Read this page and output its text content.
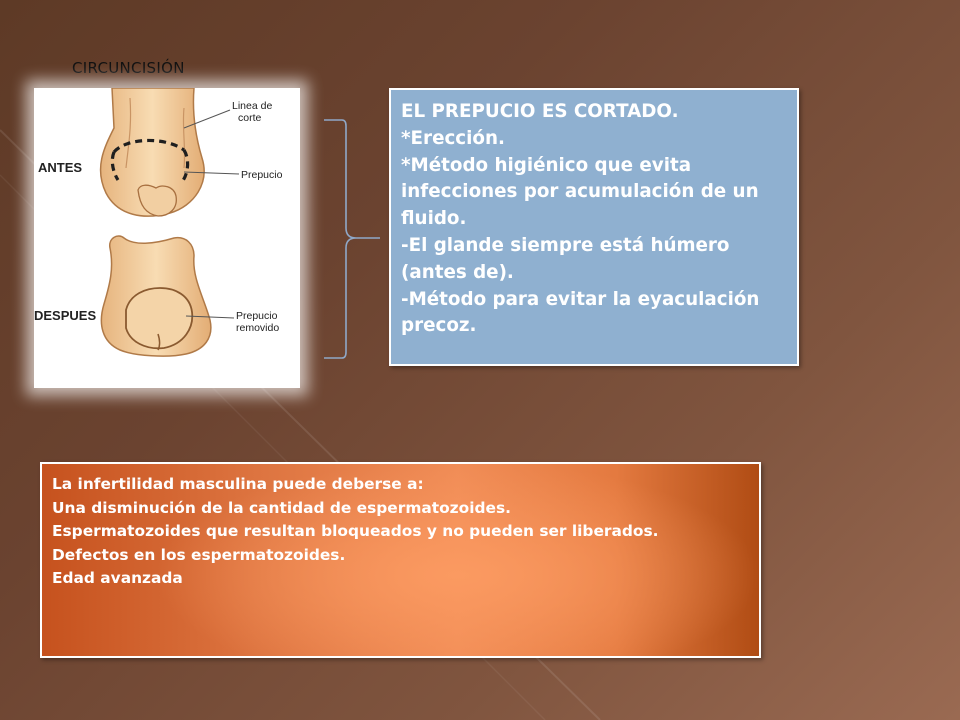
CIRCUNCISIÓN
ANTES
DESPUES
Linea de
corte
Prepucio
Prepucio
removido

EL PREPUCIO ES CORTADO.

*Erección.

*Método higiénico que evita infecciones por acumulación de un fluido.

-El glande siempre está húmero (antes de).

-Método para evitar la eyaculación precoz.

La infertilidad masculina puede deberse a:

Una disminución de la cantidad de espermatozoides.

Espermatozoides que resultan bloqueados y no pueden ser liberados.

Defectos en los espermatozoides.

Edad avanzada
